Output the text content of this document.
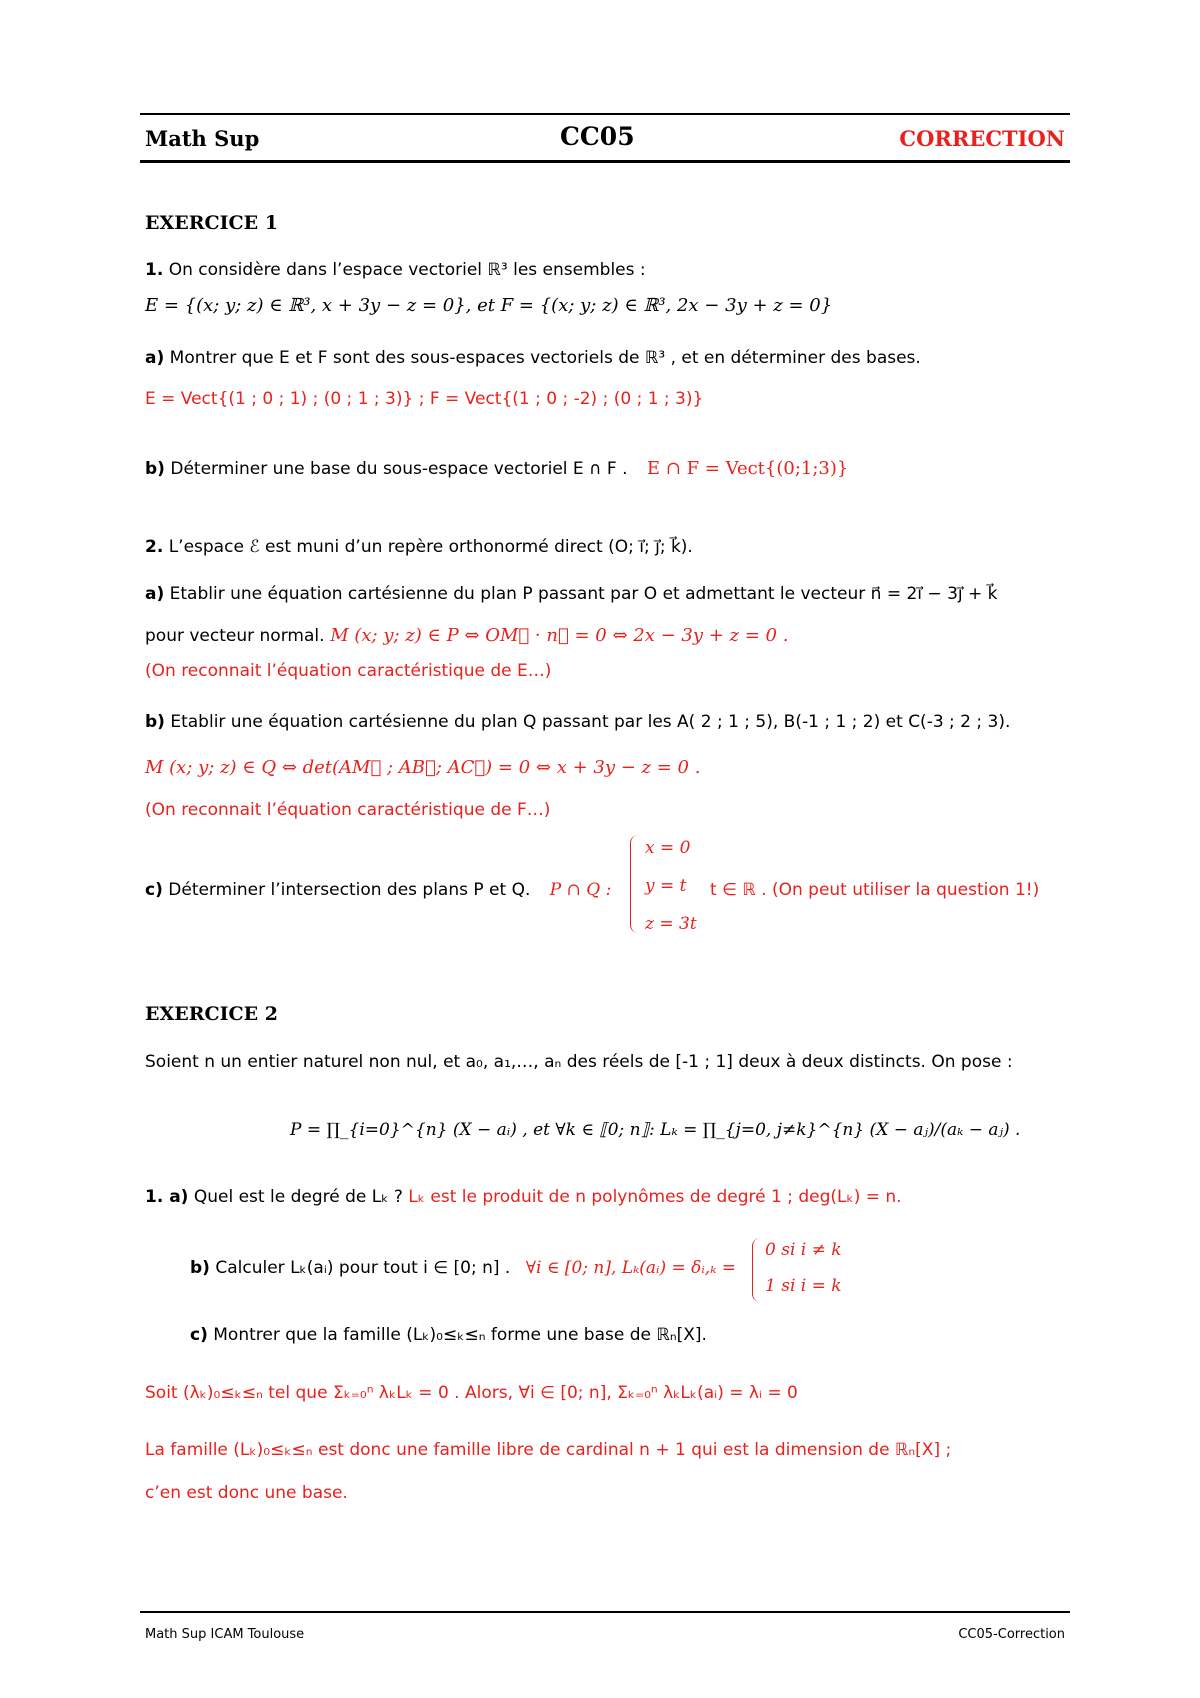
Math Sup	CC05	CORRECTION
EXERCICE 1
1. On considère dans l’espace vectoriel ℝ³ les ensembles :
E = {(x; y; z) ∈ ℝ³, x + 3y − z = 0}, et F = {(x; y; z) ∈ ℝ³, 2x − 3y + z = 0}
a) Montrer que E et F sont des sous-espaces vectoriels de ℝ³ , et en déterminer des bases.
E = Vect{(1 ; 0 ; 1) ; (0 ; 1 ; 3)} ; F = Vect{(1 ; 0 ; -2) ; (0 ; 1 ; 3)}
b) Déterminer une base du sous-espace vectoriel E ∩ F . E ∩ F = Vect{(0;1;3)}
2. L’espace ℰ est muni d’un repère orthonormé direct (O; i⃗; j⃗; k⃗).
a) Etablir une équation cartésienne du plan P passant par O et admettant le vecteur n⃗ = 2i⃗ − 3j⃗ + k⃗
pour vecteur normal. M (x; y; z) ∈ P ⇔ OM⃗ · n⃗ = 0 ⇔ 2x − 3y + z = 0 .
(On reconnait l’équation caractéristique de E…)
b) Etablir une équation cartésienne du plan Q passant par les A( 2 ; 1 ; 5), B(-1 ; 1 ; 2) et C(-3 ; 2 ; 3).
M (x; y; z) ∈ Q ⇔ det(AM⃗ ; AB⃗; AC⃗) = 0 ⇔ x + 3y − z = 0 .
(On reconnait l’équation caractéristique de F…)
c) Déterminer l’intersection des plans P et Q. P ∩ Q :
x = 0
y = t
z = 3t
t ∈ ℝ . (On peut utiliser la question 1!)
EXERCICE 2
Soient n un entier naturel non nul, et a₀, a₁,…, aₙ des réels de [-1 ; 1] deux à deux distincts. On pose :
P = ∏_{i=0}^{n} (X − aᵢ) , et ∀k ∈ ⟦0; n⟧: Lₖ = ∏_{j=0, j≠k}^{n} (X − aⱼ)/(aₖ − aⱼ) .
1. a) Quel est le degré de Lₖ ? Lₖ est le produit de n polynômes de degré 1 ; deg(Lₖ) = n.
b) Calculer Lₖ(aᵢ) pour tout i ∈ [0; n] . ∀i ∈ [0; n], Lₖ(aᵢ) = δᵢ,ₖ =
0 si i ≠ k
1 si i = k
c) Montrer que la famille (Lₖ)₀≤ₖ≤ₙ forme une base de ℝₙ[X].
Soit (λₖ)₀≤ₖ≤ₙ tel que Σₖ₌₀ⁿ λₖLₖ = 0 . Alors, ∀i ∈ [0; n], Σₖ₌₀ⁿ λₖLₖ(aᵢ) = λᵢ = 0
La famille (Lₖ)₀≤ₖ≤ₙ est donc une famille libre de cardinal n + 1 qui est la dimension de ℝₙ[X] ;
c’en est donc une base.
Math Sup ICAM Toulouse	CC05-Correction
